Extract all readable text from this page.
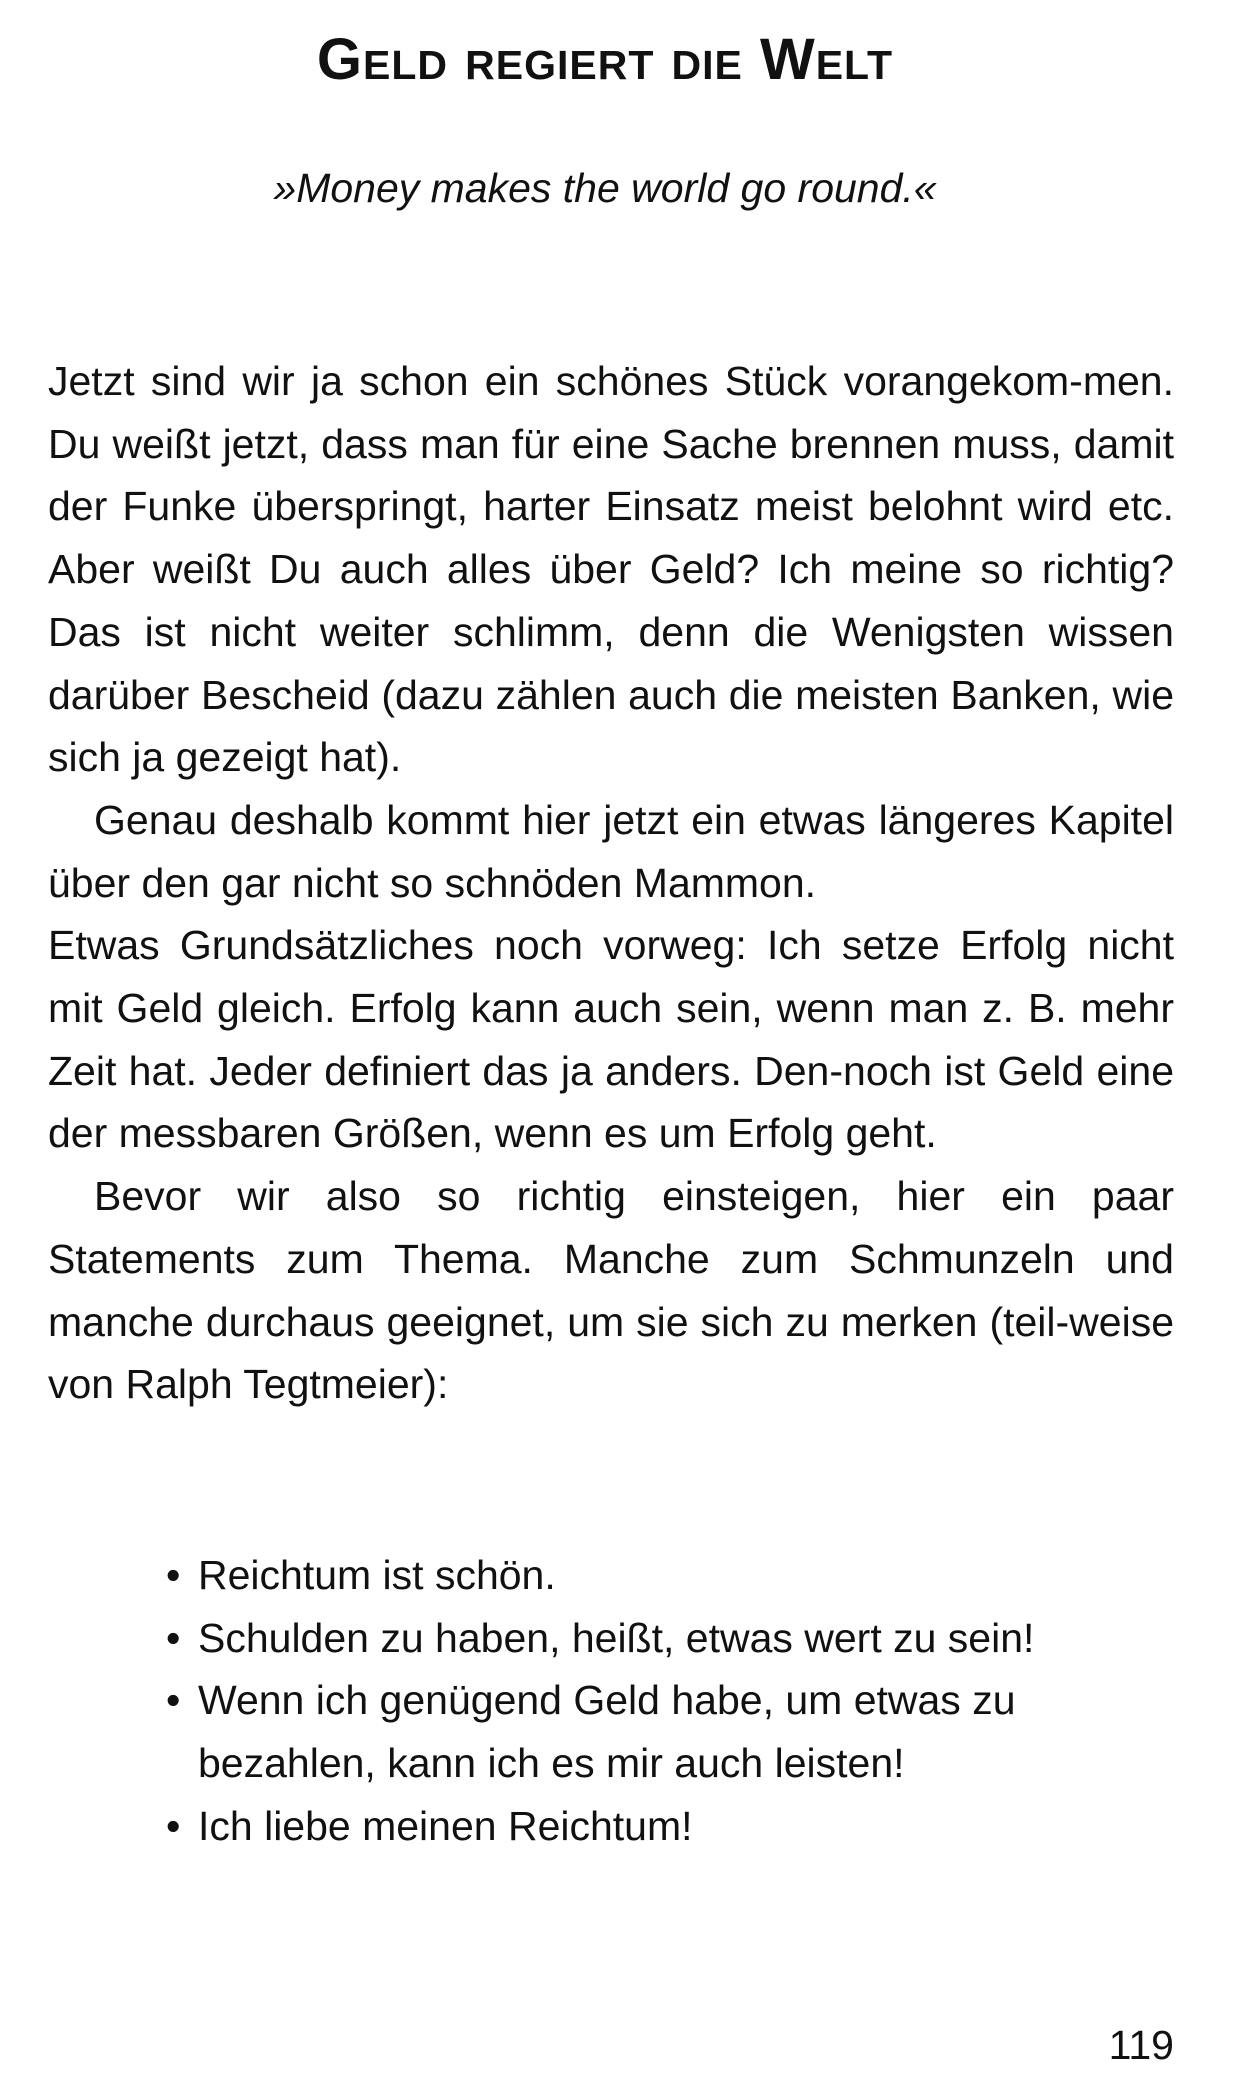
Geld regiert die Welt

»Money makes the world go round.«

Jetzt sind wir ja schon ein schönes Stück vorangekom-men. Du weißt jetzt, dass man für eine Sache brennen muss, damit der Funke überspringt, harter Einsatz meist belohnt wird etc. Aber weißt Du auch alles über Geld? Ich meine so richtig? Das ist nicht weiter schlimm, denn die Wenigsten wissen darüber Bescheid (dazu zählen auch die meisten Banken, wie sich ja gezeigt hat).

Genau deshalb kommt hier jetzt ein etwas längeres Kapitel über den gar nicht so schnöden Mammon.

Etwas Grundsätzliches noch vorweg: Ich setze Erfolg nicht mit Geld gleich. Erfolg kann auch sein, wenn man z. B. mehr Zeit hat. Jeder definiert das ja anders. Den-noch ist Geld eine der messbaren Größen, wenn es um Erfolg geht.

Bevor wir also so richtig einsteigen, hier ein paar Statements zum Thema. Manche zum Schmunzeln und manche durchaus geeignet, um sie sich zu merken (teil-weise von Ralph Tegtmeier):

• Reichtum ist schön.
• Schulden zu haben, heißt, etwas wert zu sein!
• Wenn ich genügend Geld habe, um etwas zu bezahlen, kann ich es mir auch leisten!
• Ich liebe meinen Reichtum!
119
